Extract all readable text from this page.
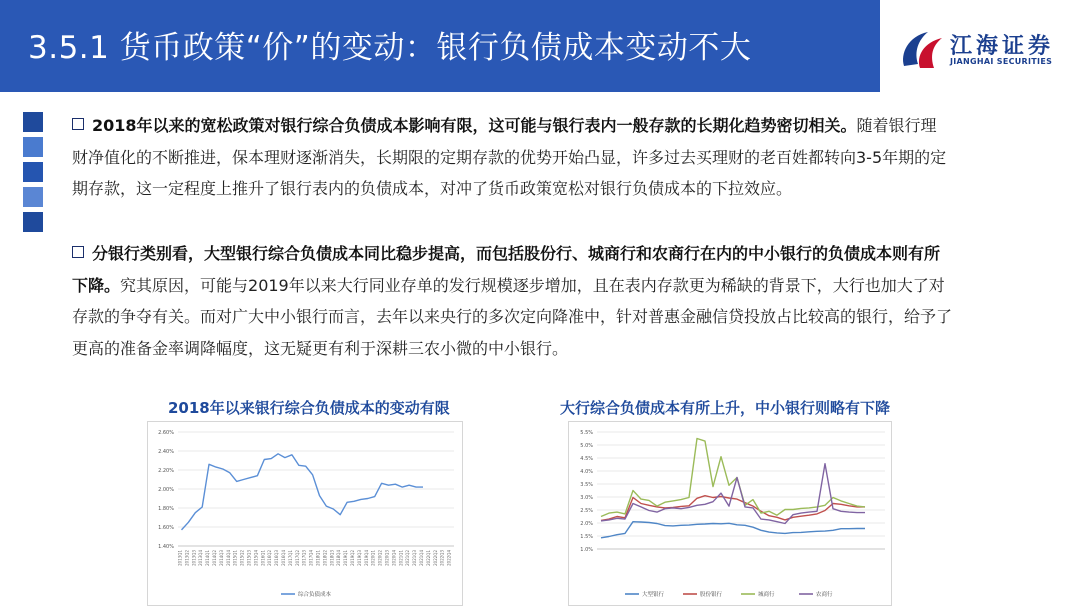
3.5.1 货币政策“价”的变动：银行负债成本变动不大	江海证券
JIANGHAI SECURITIES
2018年以来的宽松政策对银行综合负债成本影响有限，这可能与银行表内一般存款的长期化趋势密切相关。随着银行理财净值化的不断推进，保本理财逐渐消失，长期限的定期存款的优势开始凸显，许多过去买理财的老百姓都转向3-5年期的定期存款，这一定程度上推升了银行表内的负债成本，对冲了货币政策宽松对银行负债成本的下拉效应。
分银行类别看，大型银行综合负债成本同比稳步提高，而包括股份行、城商行和农商行在内的中小银行的负债成本则有所下降。究其原因，可能与2019年以来大行同业存单的发行规模逐步增加，且在表内存款更为稀缺的背景下，大行也加大了对存款的争夺有关。而对广大中小银行而言，去年以来央行的多次定向降准中，针对普惠金融信贷投放占比较高的银行，给予了更高的准备金率调降幅度，这无疑更有利于深耕三农小微的中小银行。
2018年以来银行综合负债成本的变动有限	大行综合负债成本有所上升，中小银行则略有下降
1.40%
1.60%
1.80%
2.00%
2.20%
2.40%
2.60%
2013Q1 2013Q2 2013Q3 2013Q4 2014Q1 2014Q2 2014Q3 2014Q4 2015Q1 2015Q2 2015Q3 2015Q4 2016Q1 2016Q2 2016Q3 2016Q4 2017Q1 2017Q2 2017Q3 2017Q4 2018Q1 2018Q2 2018Q3 2018Q4 2019Q1 2019Q2 2019Q3 2019Q4 2020Q1 2020Q2 2020Q3 2020Q4 2021Q1 2021Q2 2021Q3 2021Q4 2022Q1 2022Q2 2022Q3 2022Q4
综合负债成本
1.0%
1.5%
2.0%
2.5%
3.0%
3.5%
4.0%
4.5%
5.0%
5.5%
大型银行	股份银行	城商行	农商行
